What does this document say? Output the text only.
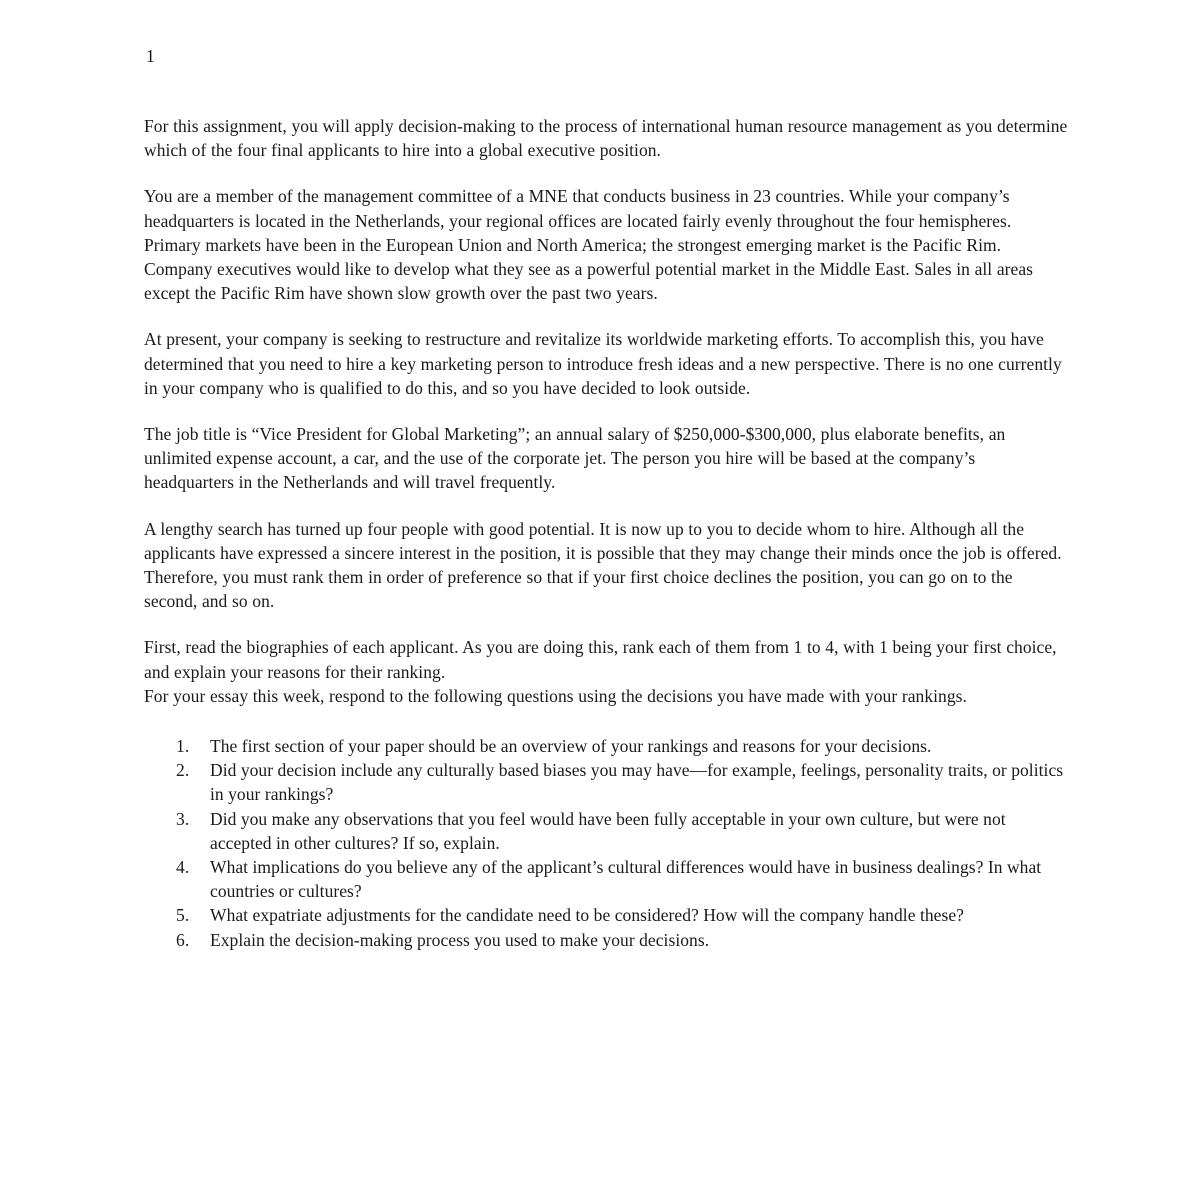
1

For this assignment, you will apply decision-making to the process of international human resource management as you determine which of the four final applicants to hire into a global executive position.

You are a member of the management committee of a MNE that conducts business in 23 countries. While your company’s headquarters is located in the Netherlands, your regional offices are located fairly evenly throughout the four hemispheres. Primary markets have been in the European Union and North America; the strongest emerging market is the Pacific Rim. Company executives would like to develop what they see as a powerful potential market in the Middle East. Sales in all areas except the Pacific Rim have shown slow growth over the past two years.

At present, your company is seeking to restructure and revitalize its worldwide marketing efforts. To accomplish this, you have determined that you need to hire a key marketing person to introduce fresh ideas and a new perspective. There is no one currently in your company who is qualified to do this, and so you have decided to look outside.

The job title is “Vice President for Global Marketing”; an annual salary of $250,000-$300,000, plus elaborate benefits, an unlimited expense account, a car, and the use of the corporate jet. The person you hire will be based at the company’s headquarters in the Netherlands and will travel frequently.

A lengthy search has turned up four people with good potential. It is now up to you to decide whom to hire. Although all the applicants have expressed a sincere interest in the position, it is possible that they may change their minds once the job is offered. Therefore, you must rank them in order of preference so that if your first choice declines the position, you can go on to the second, and so on.

First, read the biographies of each applicant. As you are doing this, rank each of them from 1 to 4, with 1 being your first choice, and explain your reasons for their ranking.

For your essay this week, respond to the following questions using the decisions you have made with your rankings.

The first section of your paper should be an overview of your rankings and reasons for your decisions.
Did your decision include any culturally based biases you may have—for example, feelings, personality traits, or politics in your rankings?
Did you make any observations that you feel would have been fully acceptable in your own culture, but were not accepted in other cultures? If so, explain.
What implications do you believe any of the applicant’s cultural differences would have in business dealings? In what countries or cultures?
What expatriate adjustments for the candidate need to be considered? How will the company handle these?
Explain the decision-making process you used to make your decisions.
